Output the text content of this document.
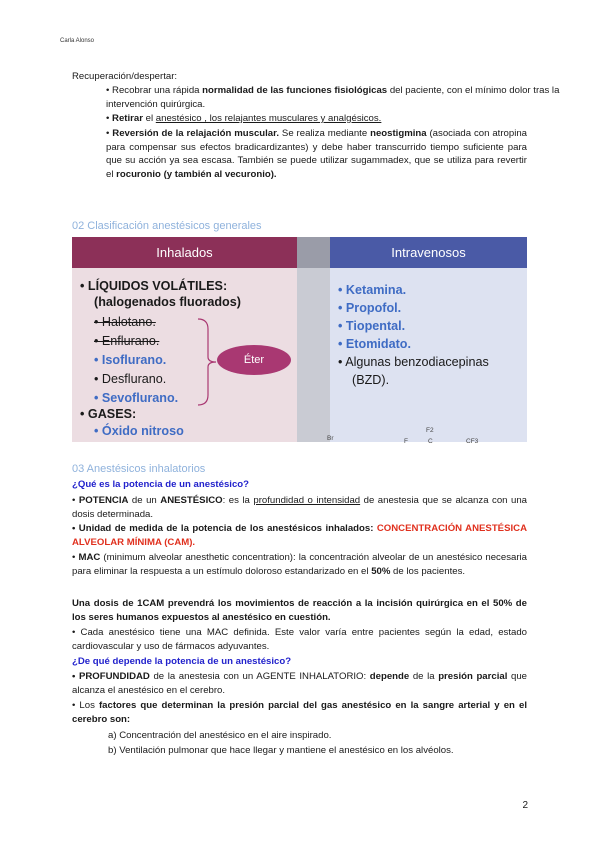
Carla Alonso
Recuperación/despertar:
• Recobrar una rápida normalidad de las funciones fisiológicas del paciente, con el mínimo dolor tras la intervención quirúrgica.
• Retirar el anestésico , los relajantes musculares y analgésicos.
• Reversión de la relajación muscular. Se realiza mediante neostigmina (asociada con atropina para compensar sus efectos bradicardizantes) y debe haber transcurrido tiempo suficiente para que su acción ya sea escasa. También se puede utilizar sugammadex, que se utiliza para revertir el rocuronio (y también al vecuronio).
02 Clasificación anestésicos generales
Inhalados	Intravenosos
• LÍQUIDOS VOLÁTILES:
(halogenados fluorados)
• Halotano.
• Enflurano.
• Isoflurano.
• Desflurano.
• Sevoflurano.
• GASES:
• Óxido nitroso
Éter
• Ketamina.
• Propofol.
• Tiopental.
• Etomidato.
• Algunas benzodiacepinas
(BZD).
Br	F
F2
C	CF3
03 Anestésicos inhalatorios
¿Qué es la potencia de un anestésico?
• POTENCIA de un ANESTÉSICO: es la profundidad o intensidad de anestesia que se alcanza con una dosis determinada.
• Unidad de medida de la potencia de los anestésicos inhalados: CONCENTRACIÓN ANESTÉSICA ALVEOLAR MÍNIMA (CAM).
• MAC (minimum alveolar anesthetic concentration): la concentración alveolar de un anestésico necesaria para eliminar la respuesta a un estímulo doloroso estandarizado en el 50% de los pacientes.
Una dosis de 1CAM prevendrá los movimientos de reacción a la incisión quirúrgica en el 50% de los seres humanos expuestos al anestésico en cuestión.
• Cada anestésico tiene una MAC definida. Este valor varía entre pacientes según la edad, estado cardiovascular y uso de fármacos adyuvantes.
¿De qué depende la potencia de un anestésico?
• PROFUNDIDAD de la anestesia con un AGENTE INHALATORIO: depende de la presión parcial que alcanza el anestésico en el cerebro.
• Los factores que determinan la presión parcial del gas anestésico en la sangre arterial y en el cerebro son:
a) Concentración del anestésico en el aire inspirado.
b) Ventilación pulmonar que hace llegar y mantiene el anestésico en los alvéolos.
2
